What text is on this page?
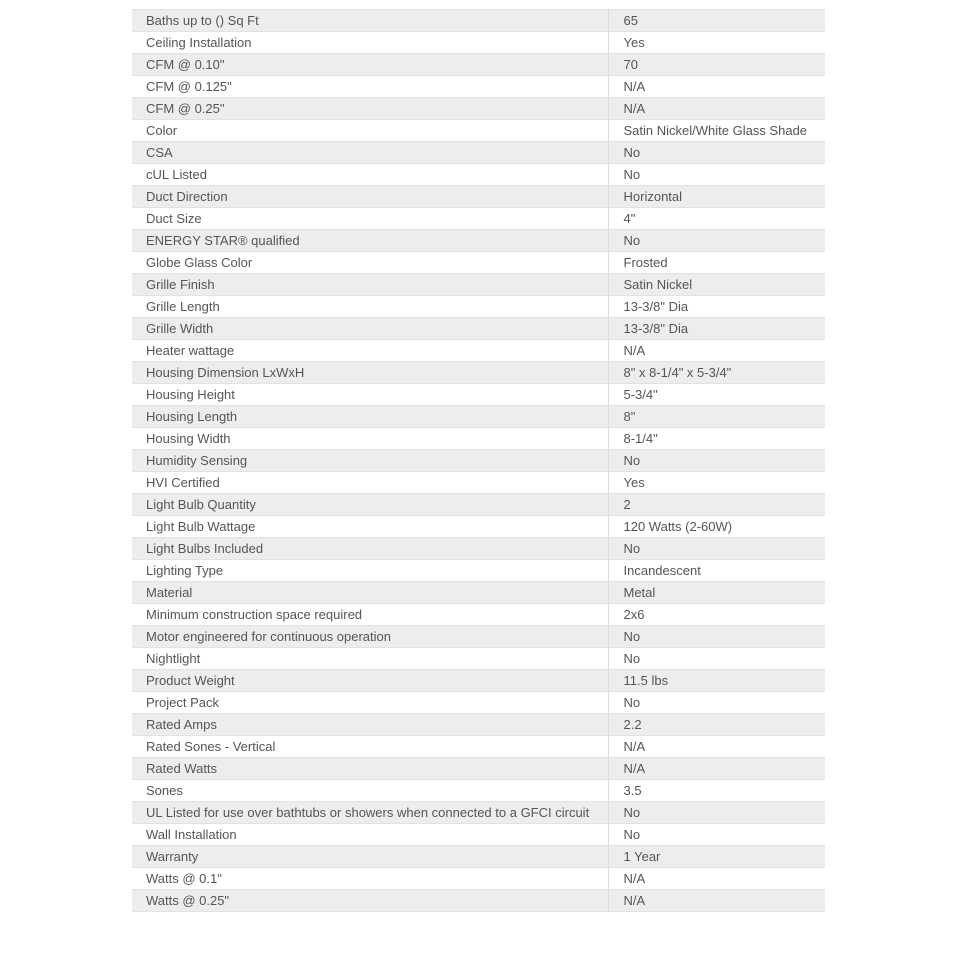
Baths up to () Sq Ft	65
Ceiling Installation	Yes
CFM @ 0.10"	70
CFM @ 0.125"	N/A
CFM @ 0.25"	N/A
Color	Satin Nickel/White Glass Shade
CSA	No
cUL Listed	No
Duct Direction	Horizontal
Duct Size	4"
ENERGY STAR® qualified	No
Globe Glass Color	Frosted
Grille Finish	Satin Nickel
Grille Length	13-3/8" Dia
Grille Width	13-3/8" Dia
Heater wattage	N/A
Housing Dimension LxWxH	8" x 8-1/4" x 5-3/4"
Housing Height	5-3/4"
Housing Length	8"
Housing Width	8-1/4"
Humidity Sensing	No
HVI Certified	Yes
Light Bulb Quantity	2
Light Bulb Wattage	120 Watts (2-60W)
Light Bulbs Included	No
Lighting Type	Incandescent
Material	Metal
Minimum construction space required	2x6
Motor engineered for continuous operation	No
Nightlight	No
Product Weight	11.5 lbs
Project Pack	No
Rated Amps	2.2
Rated Sones - Vertical	N/A
Rated Watts	N/A
Sones	3.5
UL Listed for use over bathtubs or showers when connected to a GFCI circuit	No
Wall Installation	No
Warranty	1 Year
Watts @ 0.1"	N/A
Watts @ 0.25"	N/A
